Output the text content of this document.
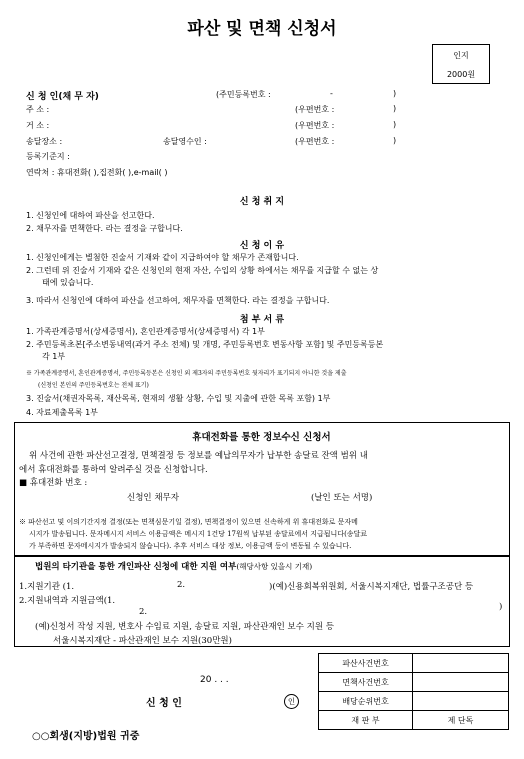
파산 및 면책 신청서
인지
2000원
신 청 인(채 무 자)	(주민등록번호 :	-	)
주 소 :	(우편번호 :	)
거 소 :	(우편번호 :	)
송달장소 :	송달영수인 :	(우편번호 :	)
등록기준지 :
연락처 : 휴대전화( ),집전화( ),e-mail( )
신 청 취 지
1. 신청인에 대하여 파산을 선고한다.
2. 채무자를 면책한다. 라는 결정을 구합니다.
신 청 이 유
1. 신청인에게는 별첨한 진술서 기재와 같이 지급하여야 할 채무가 존재합니다.
2. 그런데 위 진술서 기재와 같은 신청인의 현재 자산, 수입의 상황 하에서는 채무를 지급할 수 없는 상
태에 있습니다.
3. 따라서 신청인에 대하여 파산을 선고하여, 채무자를 면책한다. 라는 결정을 구합니다.
첨 부 서 류
1. 가족관계증명서(상세증명서), 혼인관계증명서(상세증명서) 각 1부
2. 주민등록초본[주소변동내역(과거 주소 전체) 및 개명, 주민등록번호 변동사항 포함] 및 주민등록등본
각 1부
※ 가족관계증명서, 혼인관계증명서, 주민등록등본은 신청인 외 제3자의 주민등록번호 뒷자리가 표기되지 아니한 것을 제출
(신청인 본인의 주민등록번호는 전체 표기)
3. 진술서(채권자목록, 재산목록, 현재의 생활 상황, 수입 및 지출에 관한 목록 포함) 1부
4. 자료제출목록 1부
휴대전화를 통한 정보수신 신청서
위 사건에 관한 파산선고결정, 면책결정 등 정보를 예납의무자가 납부한 송달료 잔액 범위 내
에서 휴대전화를 통하여 알려주실 것을 신청합니다.
■ 휴대전화 번호 :
신청인 채무자	(날인 또는 서명)
※ 파산선고 및 이의기간지정 결정(또는 면책심문기일 결정), 면책결정이 있으면 신속하게 위 휴대전화로 문자메
시지가 발송됩니다. 문자메시지 서비스 이용금액은 메시지 1건당 17원씩 납부된 송달료에서 지급됩니다(송달료
가 부족하면 문자메시지가 발송되지 않습니다). 추후 서비스 대상 정보, 이용금액 등이 변동될 수 있습니다.
법원의 타기관을 통한 개인파산 신청에 대한 지원 여부(해당사항 있을시 기재)
1.지원기관 (1.	2.	)(예)신용회복위원회, 서울시복지재단, 법률구조공단 등
2.지원내역과 지원금액(1.
)
2.
(예)신청서 작성 지원, 변호사 수임료 지원, 송달료 지원, 파산관재인 보수 지원 등
서울시복지재단 - 파산관재인 보수 지원(30만원)
20 . . .
신 청 인	인
파산사건번호	
면책사건번호	
배당순위번호	
재 판 부	제 단독
○○회생(지방)법원 귀중
